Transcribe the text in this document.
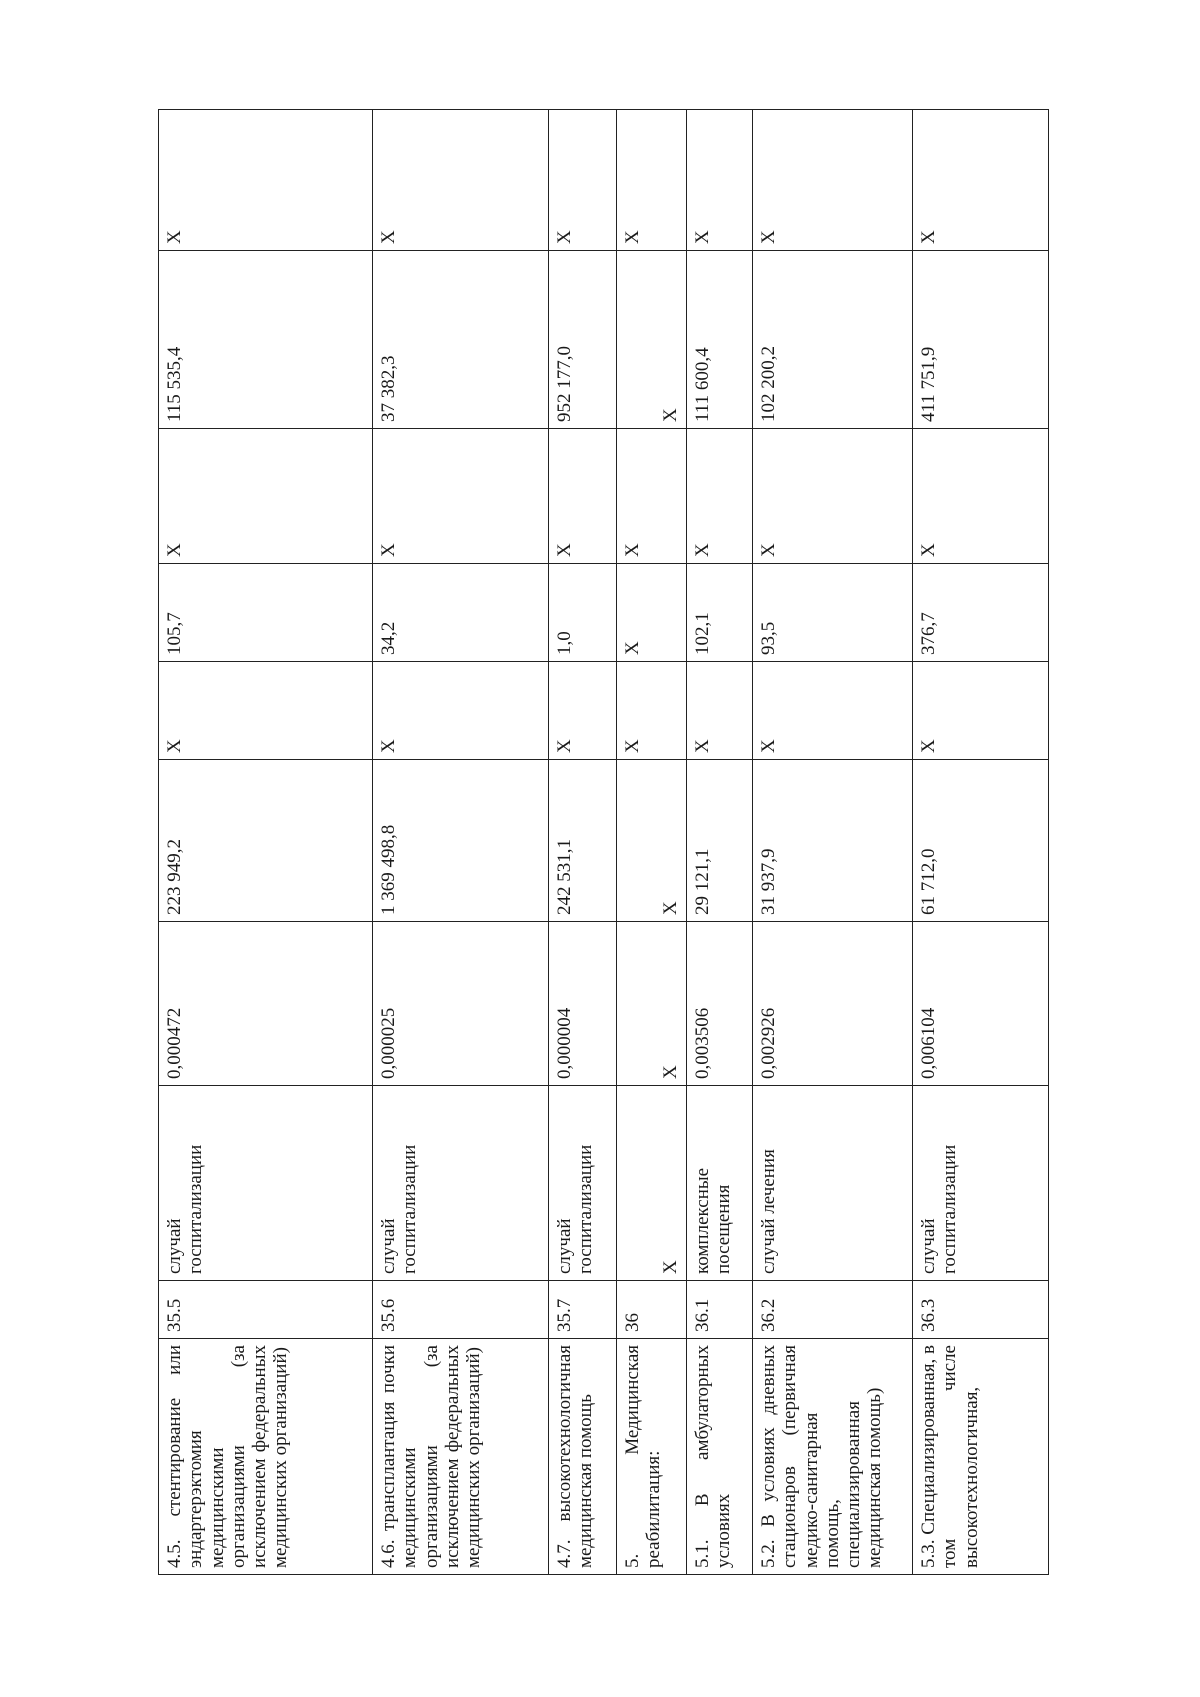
4.5. стентирование или эндартерэктомия медицинскими организациями (за исключением федеральных медицинских организаций)	35.5	случай госпитализации	0,000472	223 949,2	Х	105,7	Х	115 535,4	Х
4.6. трансплантация почки медицинскими организациями (за исключением федеральных медицинских организаций)	35.6	случай госпитализации	0,000025	1 369 498,8	Х	34,2	Х	37 382,3	Х
4.7. высокотехнологичная медицинская помощь	35.7	случай госпитализации	0,000004	242 531,1	Х	1,0	Х	952 177,0	Х
5. Медицинская реабилитация:	36	Х	Х	Х	Х	Х	Х	Х	Х
5.1. В амбулаторных условиях	36.1	комплексные посещения	0,003506	29 121,1	Х	102,1	Х	111 600,4	Х
5.2. В условиях дневных стационаров (первичная медико-санитарная помощь, специализированная медицинская помощь)	36.2	случай лечения	0,002926	31 937,9	Х	93,5	Х	102 200,2	Х
5.3. Специализированная, в том числе высокотехнологичная,	36.3	случай госпитализации	0,006104	61 712,0	Х	376,7	Х	411 751,9	Х
